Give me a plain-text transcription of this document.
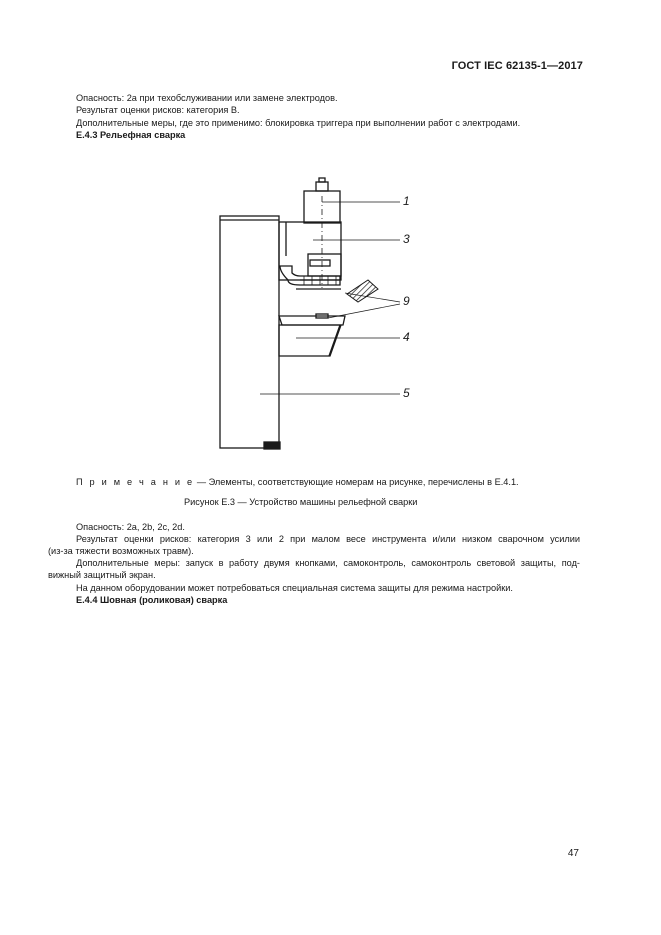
ГОСТ IEC 62135-1—2017
Опасность: 2а при техобслуживании или замене электродов.
Результат оценки рисков: категория В.
Дополнительные меры, где это применимо: блокировка триггера при выполнении работ с электродами.
Е.4.3 Рельефная сварка
1
3
9
4
5
П р и м е ч а н и е — Элементы, соответствующие номерам на рисунке, перечислены в Е.4.1.
Рисунок Е.3 — Устройство машины рельефной сварки
Опасность: 2а, 2b, 2с, 2d.
Результат оценки рисков: категория 3 или 2 при малом весе инструмента и/или низком сварочном усилии
(из-за тяжести возможных травм).
Дополнительные меры: запуск в работу двумя кнопками, самоконтроль, самоконтроль световой защиты, под-
вижный защитный экран.
На данном оборудовании может потребоваться специальная система защиты для режима настройки.
Е.4.4 Шовная (роликовая) сварка
47
